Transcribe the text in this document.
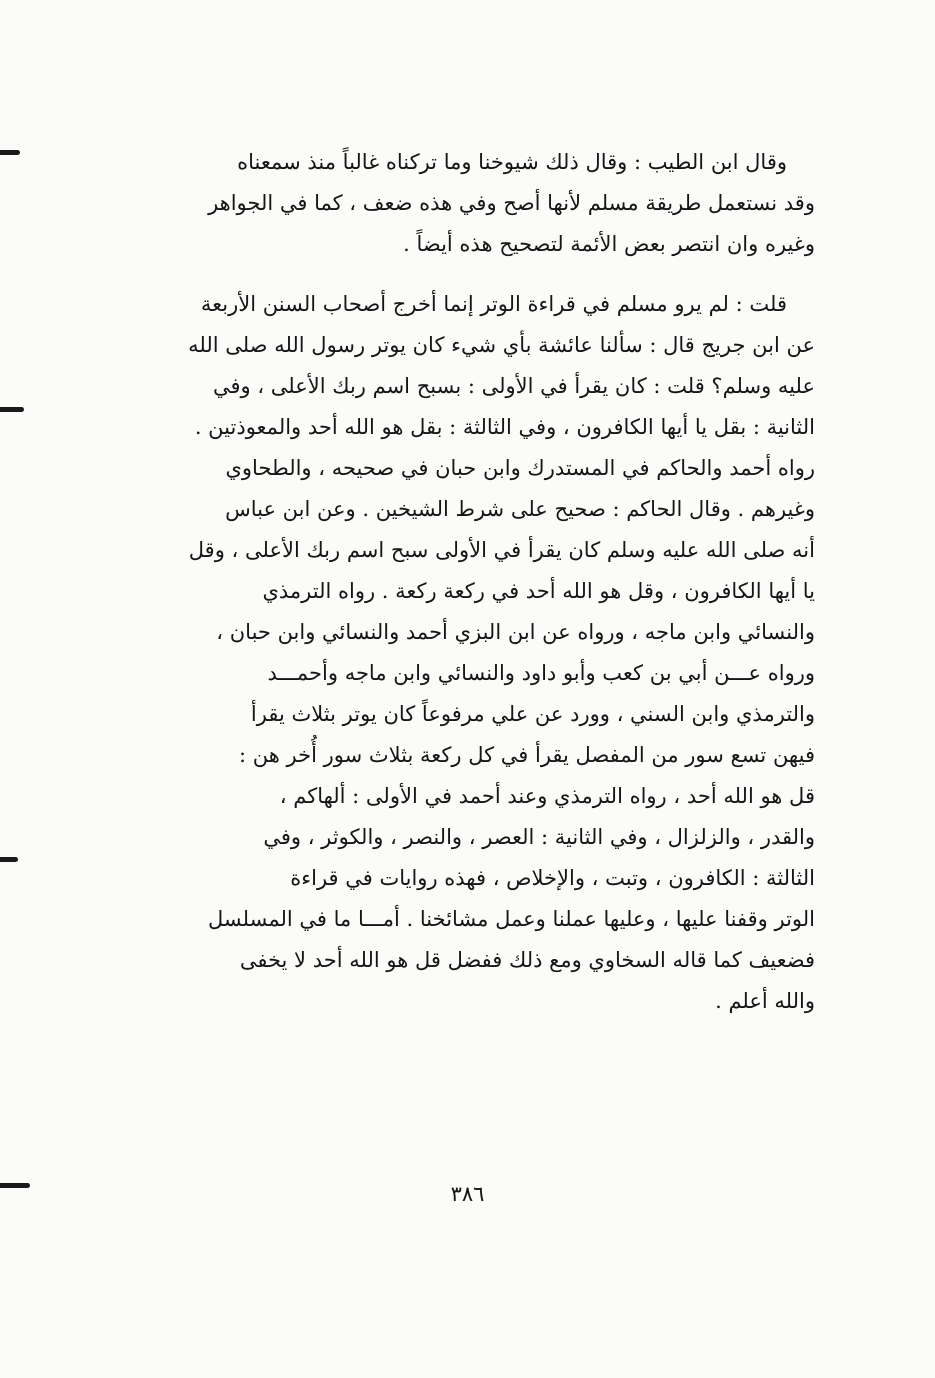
وقال ابن الطيب : وقال ذلك شيوخنا وما تركناه غالباً منذ سمعناه
وقد نستعمل طريقة مسلم لأنها أصح وفي هذه ضعف ، كما في الجواهر
وغيره وان انتصر بعض الأئمة لتصحيح هذه أيضاً .
قلت : لم يرو مسلم في قراءة الوتر إنما أخرج أصحاب السنن الأربعة
عن ابن جريج قال : سألنا عائشة بأي شيء كان يوتر رسول الله صلى الله
عليه وسلم؟ قلت : كان يقرأ في الأولى : بسبح اسم ربك الأعلى ، وفي
الثانية : بقل يا أيها الكافرون ، وفي الثالثة : بقل هو الله أحد والمعوذتين .
رواه أحمد والحاكم في المستدرك وابن حبان في صحيحه ، والطحاوي
وغيرهم . وقال الحاكم : صحيح على شرط الشيخين . وعن ابن عباس
أنه صلى الله عليه وسلم كان يقرأ في الأولى سبح اسم ربك الأعلى ، وقل
يا أيها الكافرون ، وقل هو الله أحد في ركعة ركعة . رواه الترمذي
والنسائي وابن ماجه ، ورواه عن ابن البزي أحمد والنسائي وابن حبان ،
ورواه عـــن أبي بن كعب وأبو داود والنسائي وابن ماجه وأحمـــد
والترمذي وابن السني ، وورد عن علي مرفوعاً كان يوتر بثلاث يقرأ
فيهن تسع سور من المفصل يقرأ في كل ركعة بثلاث سور أُخر هن :
قل هو الله أحد ، رواه الترمذي وعند أحمد في الأولى : ألهاكم ،
والقدر ، والزلزال ، وفي الثانية : العصر ، والنصر ، والكوثر ، وفي
الثالثة : الكافرون ، وتبت ، والإخلاص ، فهذه روايات في قراءة
الوتر وقفنا عليها ، وعليها عملنا وعمل مشائخنا . أمـــا ما في المسلسل
فضعيف كما قاله السخاوي ومع ذلك ففضل قل هو الله أحد لا يخفى
والله أعلم .
٣٨٦
